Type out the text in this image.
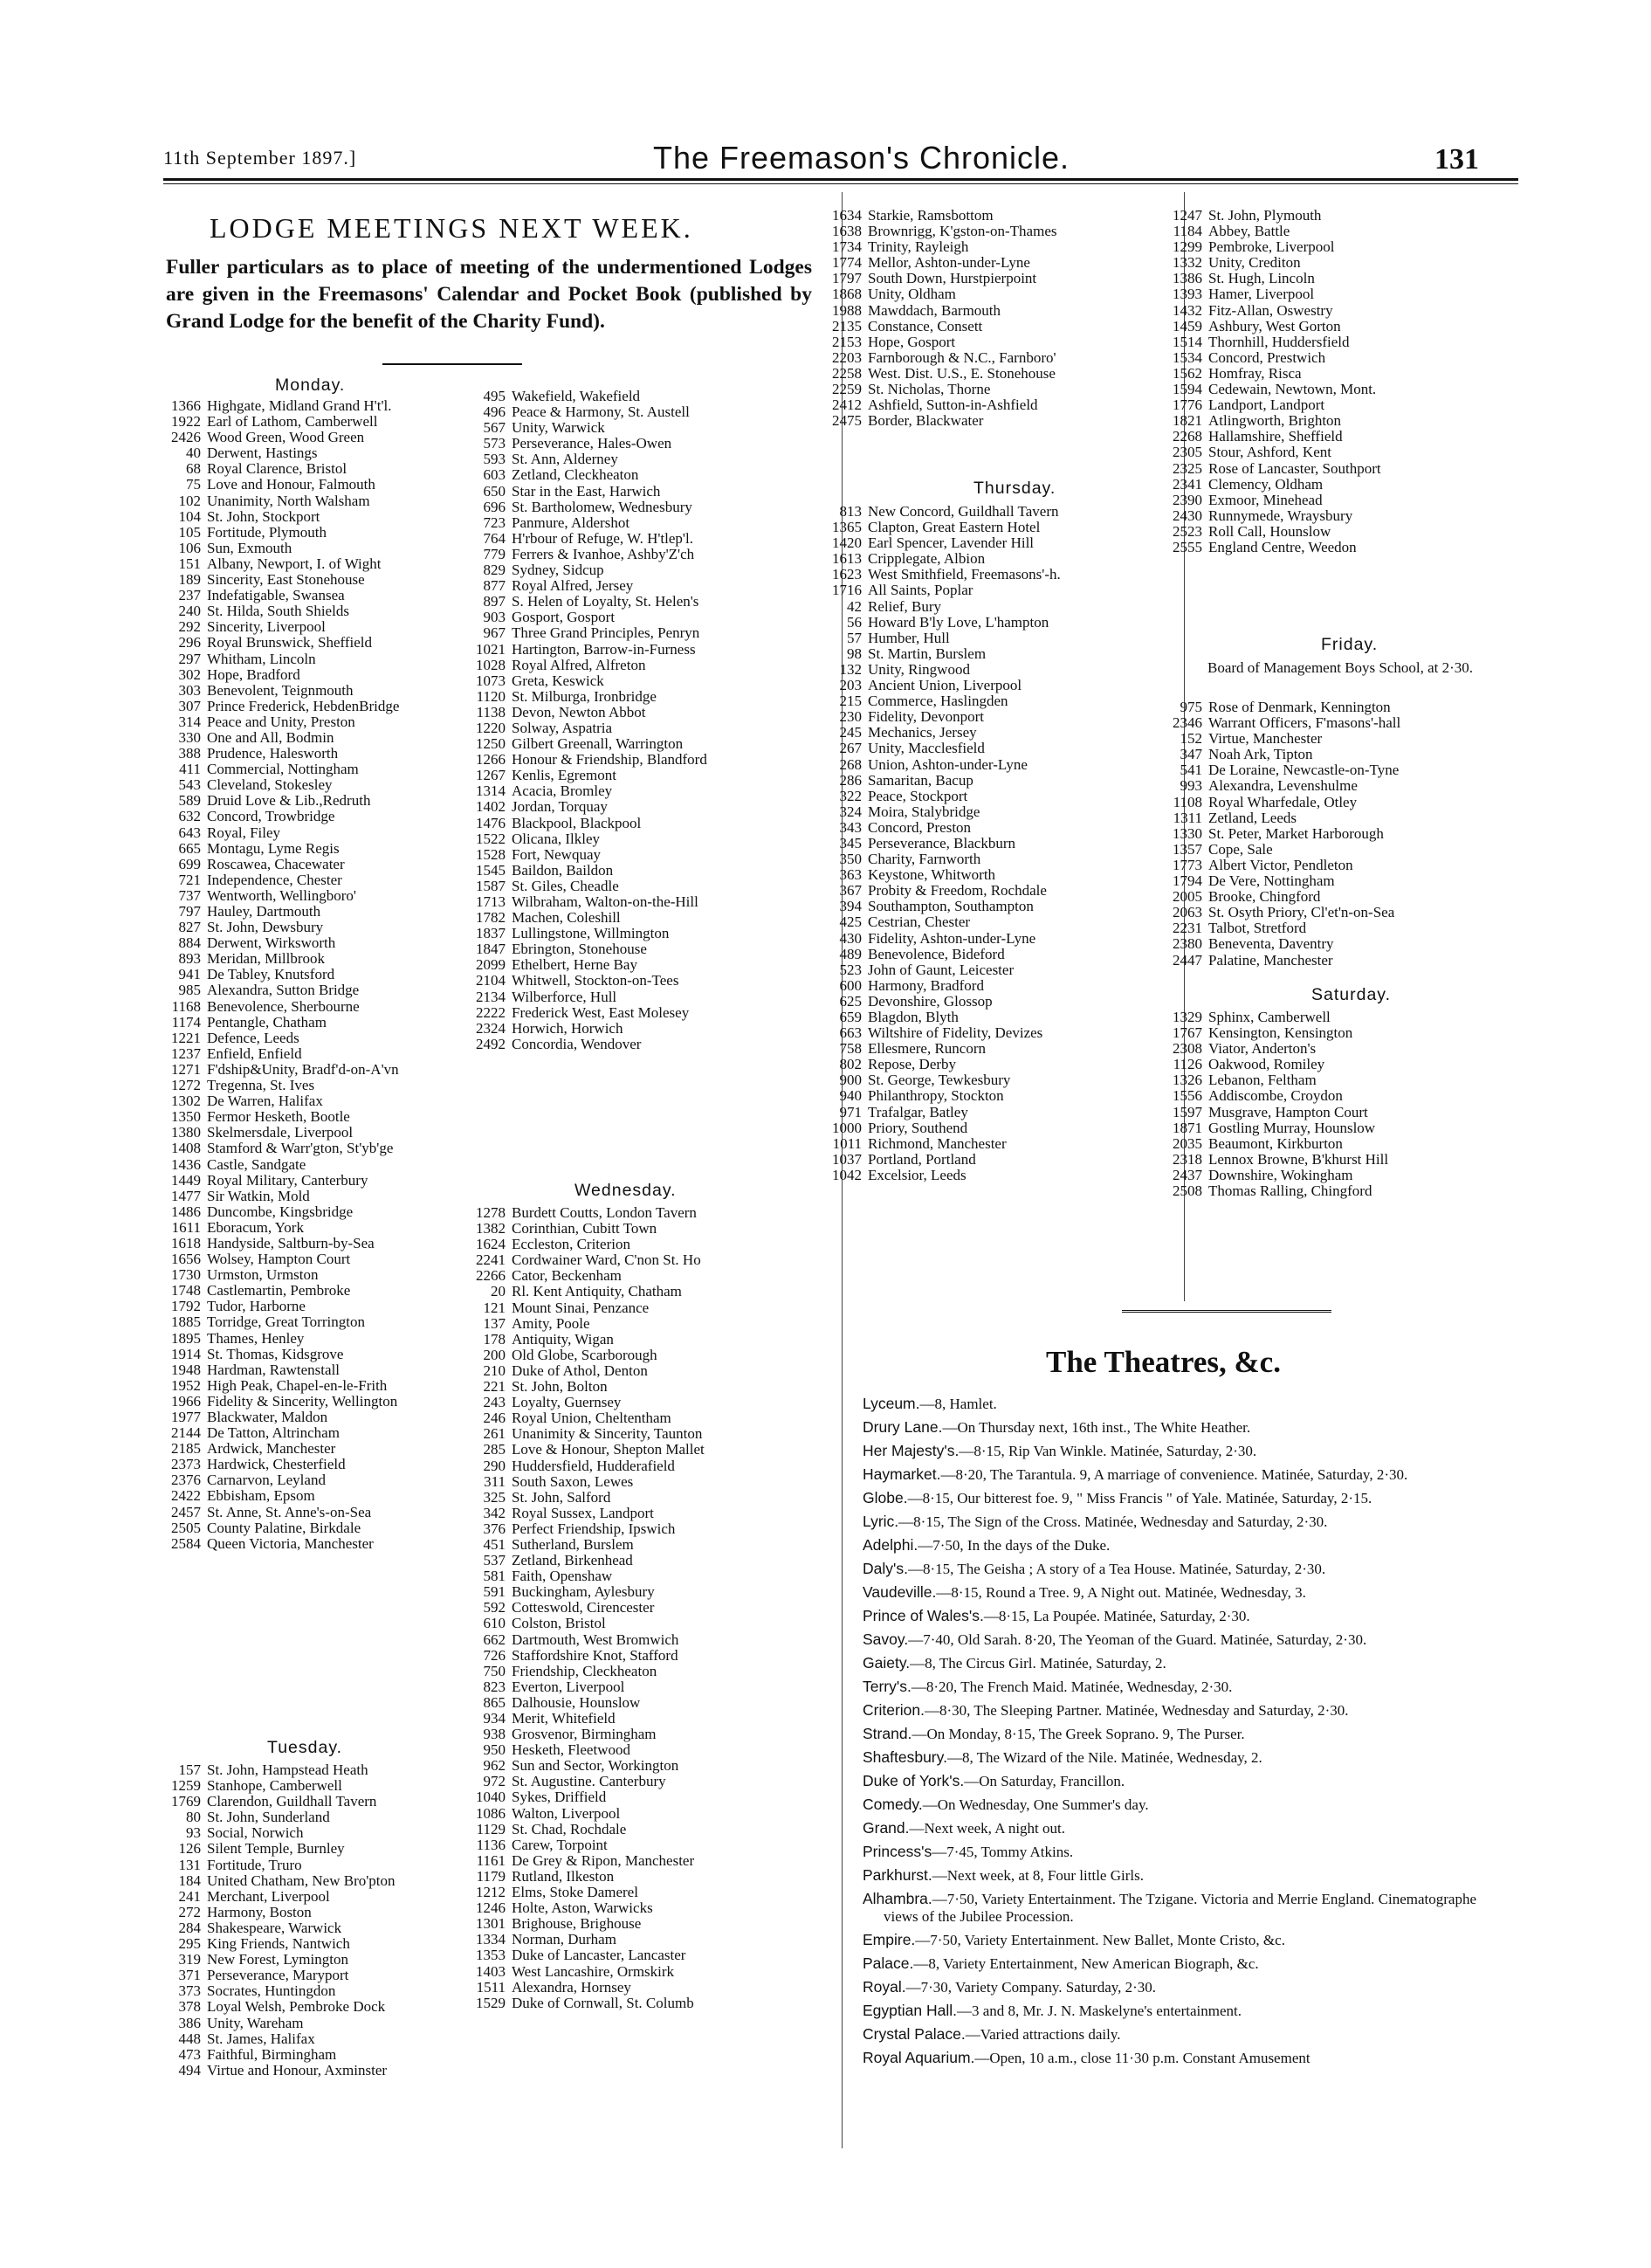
11th September 1897.]	The Freemason's Chronicle.	131
LODGE MEETINGS NEXT WEEK.
Fuller particulars as to place of meeting of the undermentioned Lodges are given in the Freemasons' Calendar and Pocket Book (published by Grand Lodge for the benefit of the Charity Fund).
Monday.
1366 Highgate, Midland Grand H't'l.
1922 Earl of Lathom, Camberwell
2426 Wood Green, Wood Green
40 Derwent, Hastings
68 Royal Clarence, Bristol
75 Love and Honour, Falmouth
102 Unanimity, North Walsham
104 St. John, Stockport
105 Fortitude, Plymouth
106 Sun, Exmouth
151 Albany, Newport, I. of Wight
189 Sincerity, East Stonehouse
237 Indefatigable, Swansea
240 St. Hilda, South Shields
292 Sincerity, Liverpool
296 Royal Brunswick, Sheffield
297 Whitham, Lincoln
302 Hope, Bradford
303 Benevolent, Teignmouth
307 Prince Frederick, HebdenBridge
314 Peace and Unity, Preston
330 One and All, Bodmin
388 Prudence, Halesworth
411 Commercial, Nottingham
543 Cleveland, Stokesley
589 Druid Love & Lib.,Redruth
632 Concord, Trowbridge
643 Royal, Filey
665 Montagu, Lyme Regis
699 Roscawea, Chacewater
721 Independence, Chester
737 Wentworth, Wellingboro'
797 Hauley, Dartmouth
827 St. John, Dewsbury
884 Derwent, Wirksworth
893 Meridan, Millbrook
941 De Tabley, Knutsford
985 Alexandra, Sutton Bridge
1168 Benevolence, Sherbourne
1174 Pentangle, Chatham
1221 Defence, Leeds
1237 Enfield, Enfield
1271 F'dship&Unity, Bradf'd-on-A'vn
1272 Tregenna, St. Ives
1302 De Warren, Halifax
1350 Fermor Hesketh, Bootle
1380 Skelmersdale, Liverpool
1408 Stamford & Warr'gton, St'yb'ge
1436 Castle, Sandgate
1449 Royal Military, Canterbury
1477 Sir Watkin, Mold
1486 Duncombe, Kingsbridge
1611 Eboracum, York
1618 Handyside, Saltburn-by-Sea
1656 Wolsey, Hampton Court
1730 Urmston, Urmston
1748 Castlemartin, Pembroke
1792 Tudor, Harborne
1885 Torridge, Great Torrington
1895 Thames, Henley
1914 St. Thomas, Kidsgrove
1948 Hardman, Rawtenstall
1952 High Peak, Chapel-en-le-Frith
1966 Fidelity & Sincerity, Wellington
1977 Blackwater, Maldon
2144 De Tatton, Altrincham
2185 Ardwick, Manchester
2373 Hardwick, Chesterfield
2376 Carnarvon, Leyland
2422 Ebbisham, Epsom
2457 St. Anne, St. Anne's-on-Sea
2505 County Palatine, Birkdale
2584 Queen Victoria, Manchester
Tuesday.
157 St. John, Hampstead Heath
1259 Stanhope, Camberwell
1769 Clarendon, Guildhall Tavern
80 St. John, Sunderland
93 Social, Norwich
126 Silent Temple, Burnley
131 Fortitude, Truro
184 United Chatham, New Bro'pton
241 Merchant, Liverpool
272 Harmony, Boston
284 Shakespeare, Warwick
295 King Friends, Nantwich
319 New Forest, Lymington
371 Perseverance, Maryport
373 Socrates, Huntingdon
378 Loyal Welsh, Pembroke Dock
386 Unity, Wareham
448 St. James, Halifax
473 Faithful, Birmingham
494 Virtue and Honour, Axminster
495 Wakefield, Wakefield
496 Peace & Harmony, St. Austell
567 Unity, Warwick
573 Perseverance, Hales-Owen
593 St. Ann, Alderney
603 Zetland, Cleckheaton
650 Star in the East, Harwich
696 St. Bartholomew, Wednesbury
723 Panmure, Aldershot
764 H'rbour of Refuge, W. H'tlep'l.
779 Ferrers & Ivanhoe, Ashby'Z'ch
829 Sydney, Sidcup
877 Royal Alfred, Jersey
897 S. Helen of Loyalty, St. Helen's
903 Gosport, Gosport
967 Three Grand Principles, Penryn
1021 Hartington, Barrow-in-Furness
1028 Royal Alfred, Alfreton
1073 Greta, Keswick
1120 St. Milburga, Ironbridge
1138 Devon, Newton Abbot
1220 Solway, Aspatria
1250 Gilbert Greenall, Warrington
1266 Honour & Friendship, Blandford
1267 Kenlis, Egremont
1314 Acacia, Bromley
1402 Jordan, Torquay
1476 Blackpool, Blackpool
1522 Olicana, Ilkley
1528 Fort, Newquay
1545 Baildon, Baildon
1587 St. Giles, Cheadle
1713 Wilbraham, Walton-on-the-Hill
1782 Machen, Coleshill
1837 Lullingstone, Willmington
1847 Ebrington, Stonehouse
2099 Ethelbert, Herne Bay
2104 Whitwell, Stockton-on-Tees
2134 Wilberforce, Hull
2222 Frederick West, East Molesey
2324 Horwich, Horwich
2492 Concordia, Wendover
Wednesday.
1278 Burdett Coutts, London Tavern
1382 Corinthian, Cubitt Town
1624 Eccleston, Criterion
2241 Cordwainer Ward, C'non St. Ho
2266 Cator, Beckenham
20 Rl. Kent Antiquity, Chatham
121 Mount Sinai, Penzance
137 Amity, Poole
178 Antiquity, Wigan
200 Old Globe, Scarborough
210 Duke of Athol, Denton
221 St. John, Bolton
243 Loyalty, Guernsey
246 Royal Union, Cheltentham
261 Unanimity & Sincerity, Taunton
285 Love & Honour, Shepton Mallet
290 Huddersfield, Hudderafield
311 South Saxon, Lewes
325 St. John, Salford
342 Royal Sussex, Landport
376 Perfect Friendship, Ipswich
451 Sutherland, Burslem
537 Zetland, Birkenhead
581 Faith, Openshaw
591 Buckingham, Aylesbury
592 Cotteswold, Cirencester
610 Colston, Bristol
662 Dartmouth, West Bromwich
726 Staffordshire Knot, Stafford
750 Friendship, Cleckheaton
823 Everton, Liverpool
865 Dalhousie, Hounslow
934 Merit, Whitefield
938 Grosvenor, Birmingham
950 Hesketh, Fleetwood
962 Sun and Sector, Workington
972 St. Augustine. Canterbury
1040 Sykes, Driffield
1086 Walton, Liverpool
1129 St. Chad, Rochdale
1136 Carew, Torpoint
1161 De Grey & Ripon, Manchester
1179 Rutland, Ilkeston
1212 Elms, Stoke Damerel
1246 Holte, Aston, Warwicks
1301 Brighouse, Brighouse
1334 Norman, Durham
1353 Duke of Lancaster, Lancaster
1403 West Lancashire, Ormskirk
1511 Alexandra, Hornsey
1529 Duke of Cornwall, St. Columb
1634 Starkie, Ramsbottom
1638 Brownrigg, K'gston-on-Thames
1734 Trinity, Rayleigh
1774 Mellor, Ashton-under-Lyne
1797 South Down, Hurstpierpoint
1868 Unity, Oldham
1988 Mawddach, Barmouth
2135 Constance, Consett
2153 Hope, Gosport
2203 Farnborough & N.C., Farnboro'
2258 West. Dist. U.S., E. Stonehouse
2259 St. Nicholas, Thorne
2412 Ashfield, Sutton-in-Ashfield
2475 Border, Blackwater
Thursday.
813 New Concord, Guildhall Tavern
1365 Clapton, Great Eastern Hotel
1420 Earl Spencer, Lavender Hill
1613 Cripplegate, Albion
1623 West Smithfield, Freemasons'-h.
1716 All Saints, Poplar
42 Relief, Bury
56 Howard B'ly Love, L'hampton
57 Humber, Hull
98 St. Martin, Burslem
132 Unity, Ringwood
203 Ancient Union, Liverpool
215 Commerce, Haslingden
230 Fidelity, Devonport
245 Mechanics, Jersey
267 Unity, Macclesfield
268 Union, Ashton-under-Lyne
286 Samaritan, Bacup
322 Peace, Stockport
324 Moira, Stalybridge
343 Concord, Preston
345 Perseverance, Blackburn
350 Charity, Farnworth
363 Keystone, Whitworth
367 Probity & Freedom, Rochdale
394 Southampton, Southampton
425 Cestrian, Chester
430 Fidelity, Ashton-under-Lyne
489 Benevolence, Bideford
523 John of Gaunt, Leicester
600 Harmony, Bradford
625 Devonshire, Glossop
659 Blagdon, Blyth
663 Wiltshire of Fidelity, Devizes
758 Ellesmere, Runcorn
802 Repose, Derby
900 St. George, Tewkesbury
940 Philanthropy, Stockton
971 Trafalgar, Batley
1000 Priory, Southend
1011 Richmond, Manchester
1037 Portland, Portland
1042 Excelsior, Leeds
1247 St. John, Plymouth
1184 Abbey, Battle
1299 Pembroke, Liverpool
1332 Unity, Crediton
1386 St. Hugh, Lincoln
1393 Hamer, Liverpool
1432 Fitz-Allan, Oswestry
1459 Ashbury, West Gorton
1514 Thornhill, Huddersfield
1534 Concord, Prestwich
1562 Homfray, Risca
1594 Cedewain, Newtown, Mont.
1776 Landport, Landport
1821 Atlingworth, Brighton
2268 Hallamshire, Sheffield
2305 Stour, Ashford, Kent
2325 Rose of Lancaster, Southport
2341 Clemency, Oldham
2390 Exmoor, Minehead
2430 Runnymede, Wraysbury
2523 Roll Call, Hounslow
2555 England Centre, Weedon
Friday.
Board of Management Boys School, at 2·30.
975 Rose of Denmark, Kennington
2346 Warrant Officers, F'masons'-hall
152 Virtue, Manchester
347 Noah Ark, Tipton
541 De Loraine, Newcastle-on-Tyne
993 Alexandra, Levenshulme
1108 Royal Wharfedale, Otley
1311 Zetland, Leeds
1330 St. Peter, Market Harborough
1357 Cope, Sale
1773 Albert Victor, Pendleton
1794 De Vere, Nottingham
2005 Brooke, Chingford
2063 St. Osyth Priory, Cl'et'n-on-Sea
2231 Talbot, Stretford
2380 Beneventa, Daventry
2447 Palatine, Manchester
Saturday.
1329 Sphinx, Camberwell
1767 Kensington, Kensington
2308 Viator, Anderton's
1126 Oakwood, Romiley
1326 Lebanon, Feltham
1556 Addiscombe, Croydon
1597 Musgrave, Hampton Court
1871 Gostling Murray, Hounslow
2035 Beaumont, Kirkburton
2318 Lennox Browne, B'khurst Hill
2437 Downshire, Wokingham
2508 Thomas Ralling, Chingford
The Theatres, &c.
Lyceum.—8, Hamlet.
Drury Lane.—On Thursday next, 16th inst., The White Heather.
Her Majesty's.—8·15, Rip Van Winkle. Matinée, Saturday, 2·30.
Haymarket.—8·20, The Tarantula. 9, A marriage of convenience. Matinée, Saturday, 2·30.
Globe.—8·15, Our bitterest foe. 9, " Miss Francis " of Yale. Matinée, Saturday, 2·15.
Lyric.—8·15, The Sign of the Cross. Matinée, Wednesday and Saturday, 2·30.
Adelphi.—7·50, In the days of the Duke.
Daly's.—8·15, The Geisha ; A story of a Tea House. Matinée, Saturday, 2·30.
Vaudeville.—8·15, Round a Tree. 9, A Night out. Matinée, Wednesday, 3.
Prince of Wales's.—8·15, La Poupée. Matinée, Saturday, 2·30.
Savoy.—7·40, Old Sarah. 8·20, The Yeoman of the Guard. Matinée, Saturday, 2·30.
Gaiety.—8, The Circus Girl. Matinée, Saturday, 2.
Terry's.—8·20, The French Maid. Matinée, Wednesday, 2·30.
Criterion.—8·30, The Sleeping Partner. Matinée, Wednesday and Saturday, 2·30.
Strand.—On Monday, 8·15, The Greek Soprano. 9, The Purser.
Shaftesbury.—8, The Wizard of the Nile. Matinée, Wednesday, 2.
Duke of York's.—On Saturday, Francillon.
Comedy.—On Wednesday, One Summer's day.
Grand.—Next week, A night out.
Princess's—7·45, Tommy Atkins.
Parkhurst.—Next week, at 8, Four little Girls.
Alhambra.—7·50, Variety Entertainment. The Tzigane. Victoria and Merrie England. Cinematographe views of the Jubilee Procession.
Empire.—7·50, Variety Entertainment. New Ballet, Monte Cristo, &c.
Palace.—8, Variety Entertainment, New American Biograph, &c.
Royal.—7·30, Variety Company. Saturday, 2·30.
Egyptian Hall.—3 and 8, Mr. J. N. Maskelyne's entertainment.
Crystal Palace.—Varied attractions daily.
Royal Aquarium.—Open, 10 a.m., close 11·30 p.m. Constant Amusement
